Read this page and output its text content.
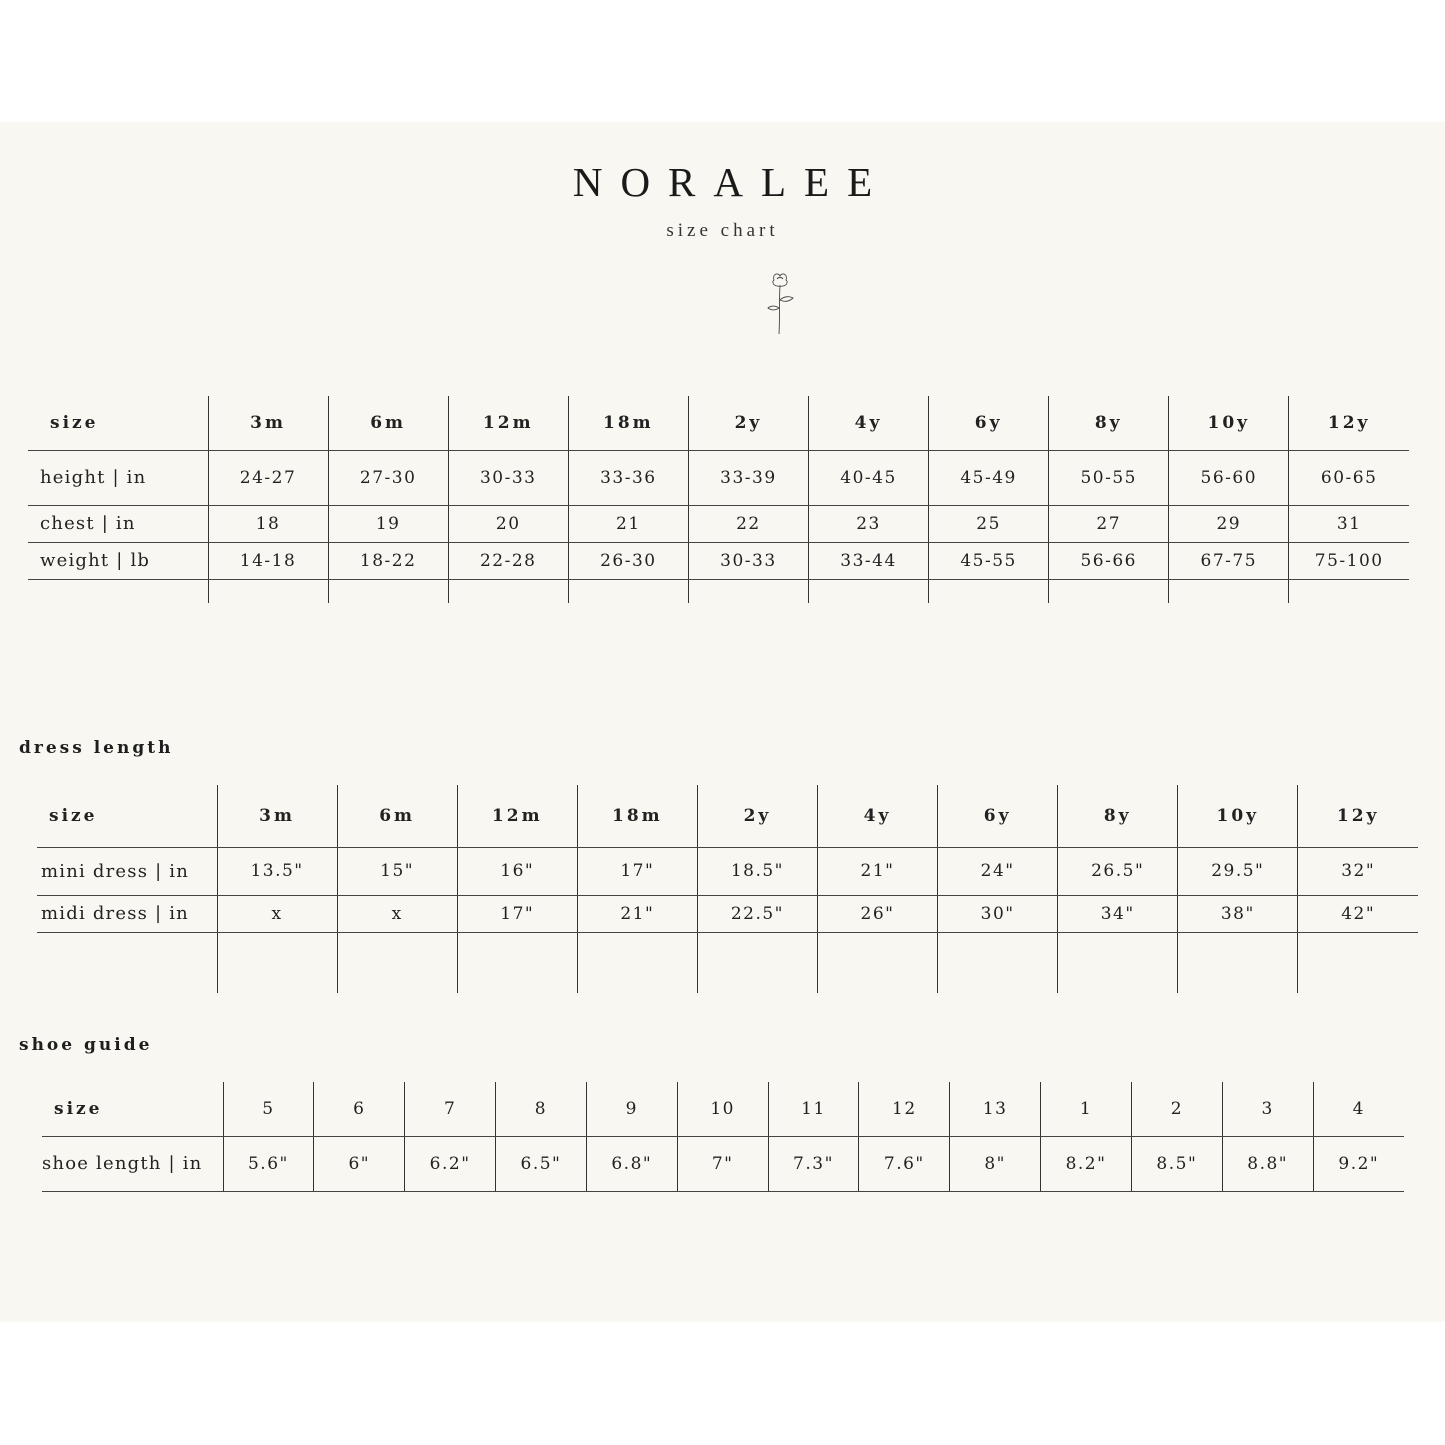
NORALEE
size chart
size	3m	6m	12m	18m	2y	4y	6y	8y	10y	12y
height | in	24-27	27-30	30-33	33-36	33-39	40-45	45-49	50-55	56-60	60-65
chest | in	18	19	20	21	22	23	25	27	29	31
weight | lb	14-18	18-22	22-28	26-30	30-33	33-44	45-55	56-66	67-75	75-100

dress length
size	3m	6m	12m	18m	2y	4y	6y	8y	10y	12y
mini dress | in	13.5"	15"	16"	17"	18.5"	21"	24"	26.5"	29.5"	32"
midi dress | in	x	x	17"	21"	22.5"	26"	30"	34"	38"	42"

shoe guide
size	5	6	7	8	9	10	11	12	13	1	2	3	4
shoe length | in	5.6"	6"	6.2"	6.5"	6.8"	7"	7.3"	7.6"	8"	8.2"	8.5"	8.8"	9.2"
